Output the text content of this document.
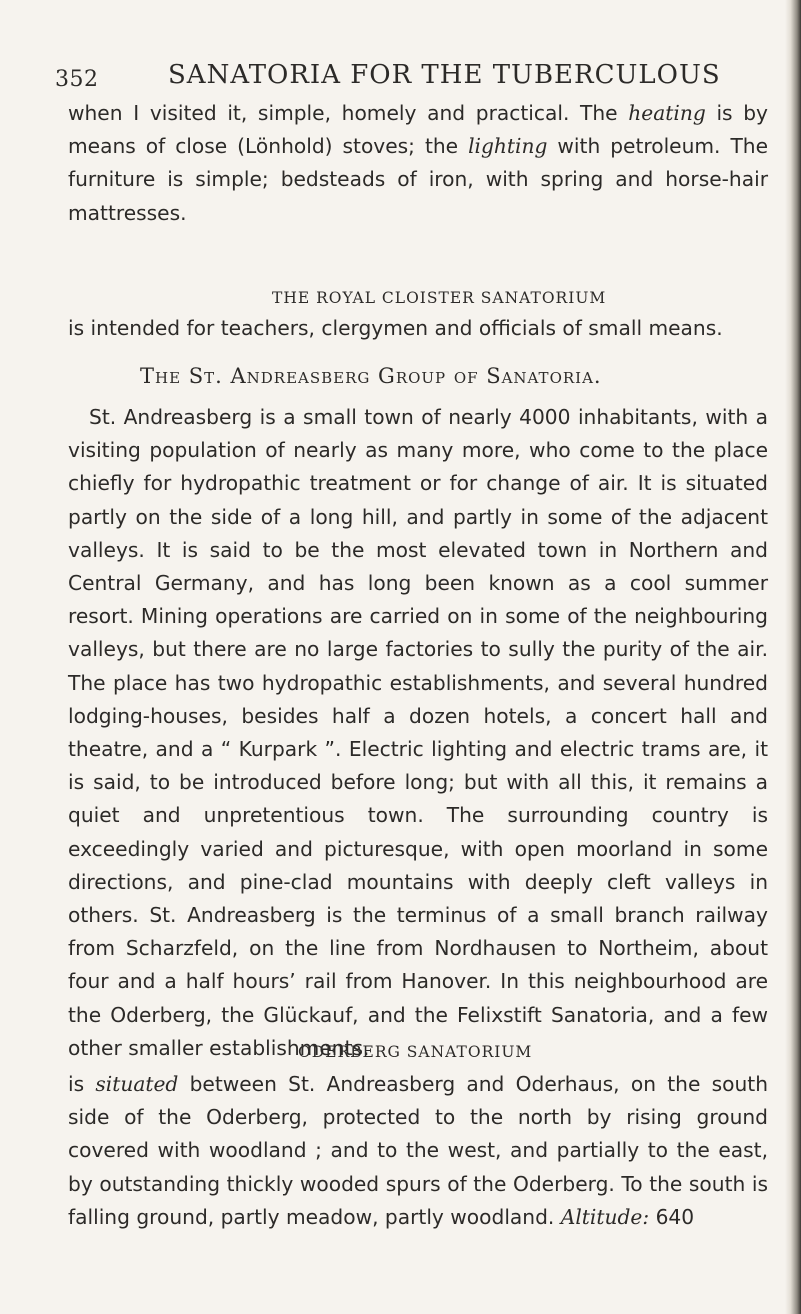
352	SANATORIA FOR THE TUBERCULOUS
when I visited it, simple, homely and practical. The heating is by means of close (Lönhold) stoves; the lighting with petroleum. The furniture is simple; bedsteads of iron, with spring and horse-hair mattresses.
THE ROYAL CLOISTER SANATORIUM
is intended for teachers, clergymen and officials of small means.
The St. Andreasberg Group of Sanatoria.
St. Andreasberg is a small town of nearly 4000 inhabitants, with a visiting population of nearly as many more, who come to the place chiefly for hydropathic treatment or for change of air. It is situated partly on the side of a long hill, and partly in some of the adjacent valleys. It is said to be the most elevated town in Northern and Central Germany, and has long been known as a cool summer resort. Mining operations are carried on in some of the neighbouring valleys, but there are no large factories to sully the purity of the air. The place has two hydropathic establishments, and several hundred lodging-houses, besides half a dozen hotels, a concert hall and theatre, and a “ Kurpark ”. Electric lighting and electric trams are, it is said, to be introduced before long; but with all this, it remains a quiet and unpretentious town. The surrounding country is exceedingly varied and picturesque, with open moorland in some directions, and pine-clad mountains with deeply cleft valleys in others. St. Andreasberg is the terminus of a small branch railway from Scharzfeld, on the line from Nordhausen to Northeim, about four and a half hours’ rail from Hanover. In this neighbourhood are the Oderberg, the Glückauf, and the Felixstift Sanatoria, and a few other smaller establishments.
ODERBERG SANATORIUM
is situated between St. Andreasberg and Oderhaus, on the south side of the Oderberg, protected to the north by rising ground covered with woodland ; and to the west, and partially to the east, by outstanding thickly wooded spurs of the Oderberg. To the south is falling ground, partly meadow, partly woodland. Altitude: 640
